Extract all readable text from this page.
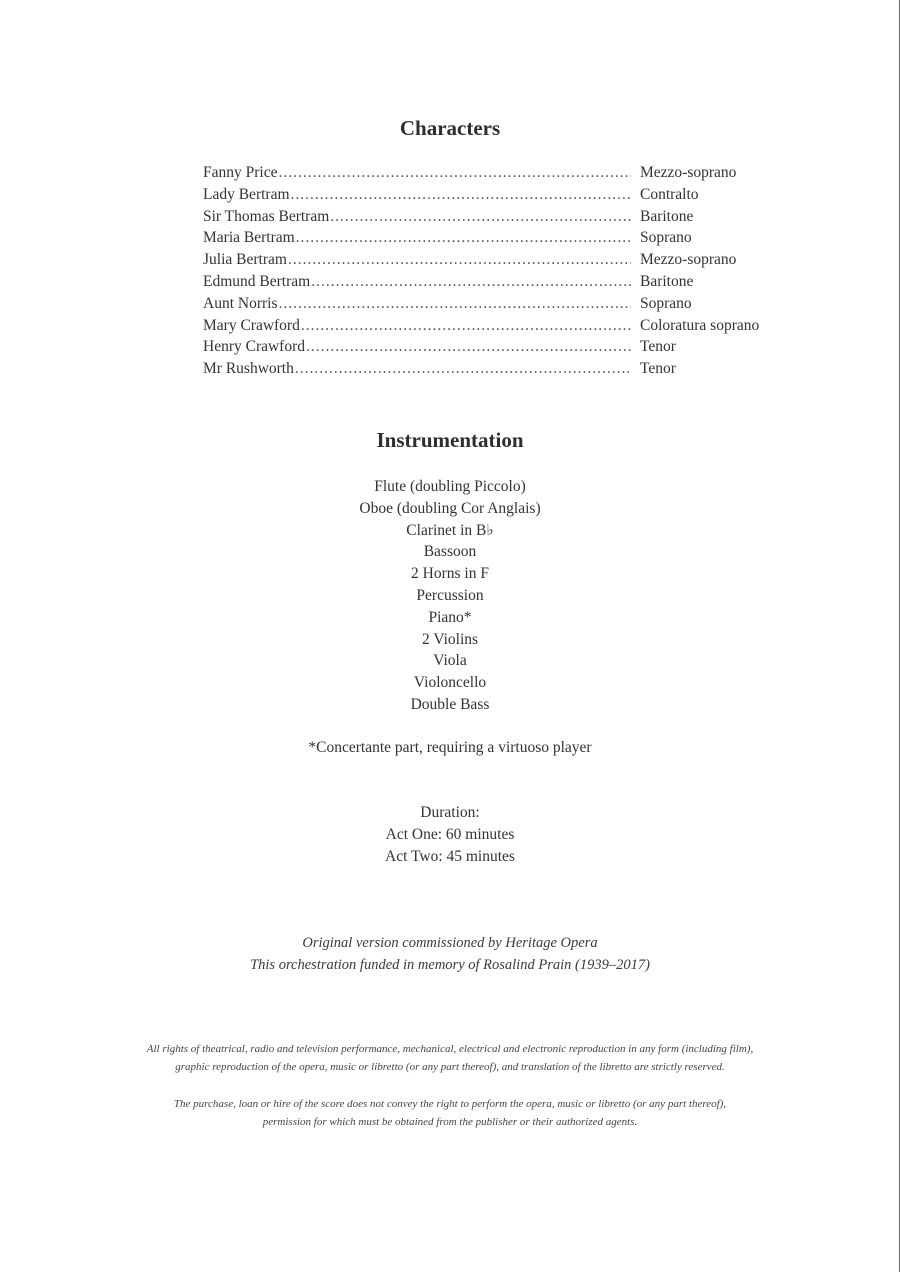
Characters
Fanny Price .....	Mezzo-soprano
Lady Bertram .....	Contralto
Sir Thomas Bertram .....	Baritone
Maria Bertram .....	Soprano
Julia Bertram .....	Mezzo-soprano
Edmund Bertram .....	Baritone
Aunt Norris .....	Soprano
Mary Crawford .....	Coloratura soprano
Henry Crawford .....	Tenor
Mr Rushworth .....	Tenor
Instrumentation
Flute (doubling Piccolo)
Oboe (doubling Cor Anglais)
Clarinet in B♭
Bassoon
2 Horns in F
Percussion
Piano*
2 Violins
Viola
Violoncello
Double Bass
*Concertante part, requiring a virtuoso player
Duration:
Act One: 60 minutes
Act Two: 45 minutes
Original version commissioned by Heritage Opera
This orchestration funded in memory of Rosalind Prain (1939–2017)
All rights of theatrical, radio and television performance, mechanical, electrical and electronic reproduction in any form (including film),
graphic reproduction of the opera, music or libretto (or any part thereof), and translation of the libretto are strictly reserved.
The purchase, loan or hire of the score does not convey the right to perform the opera, music or libretto (or any part thereof),
permission for which must be obtained from the publisher or their authorized agents.
